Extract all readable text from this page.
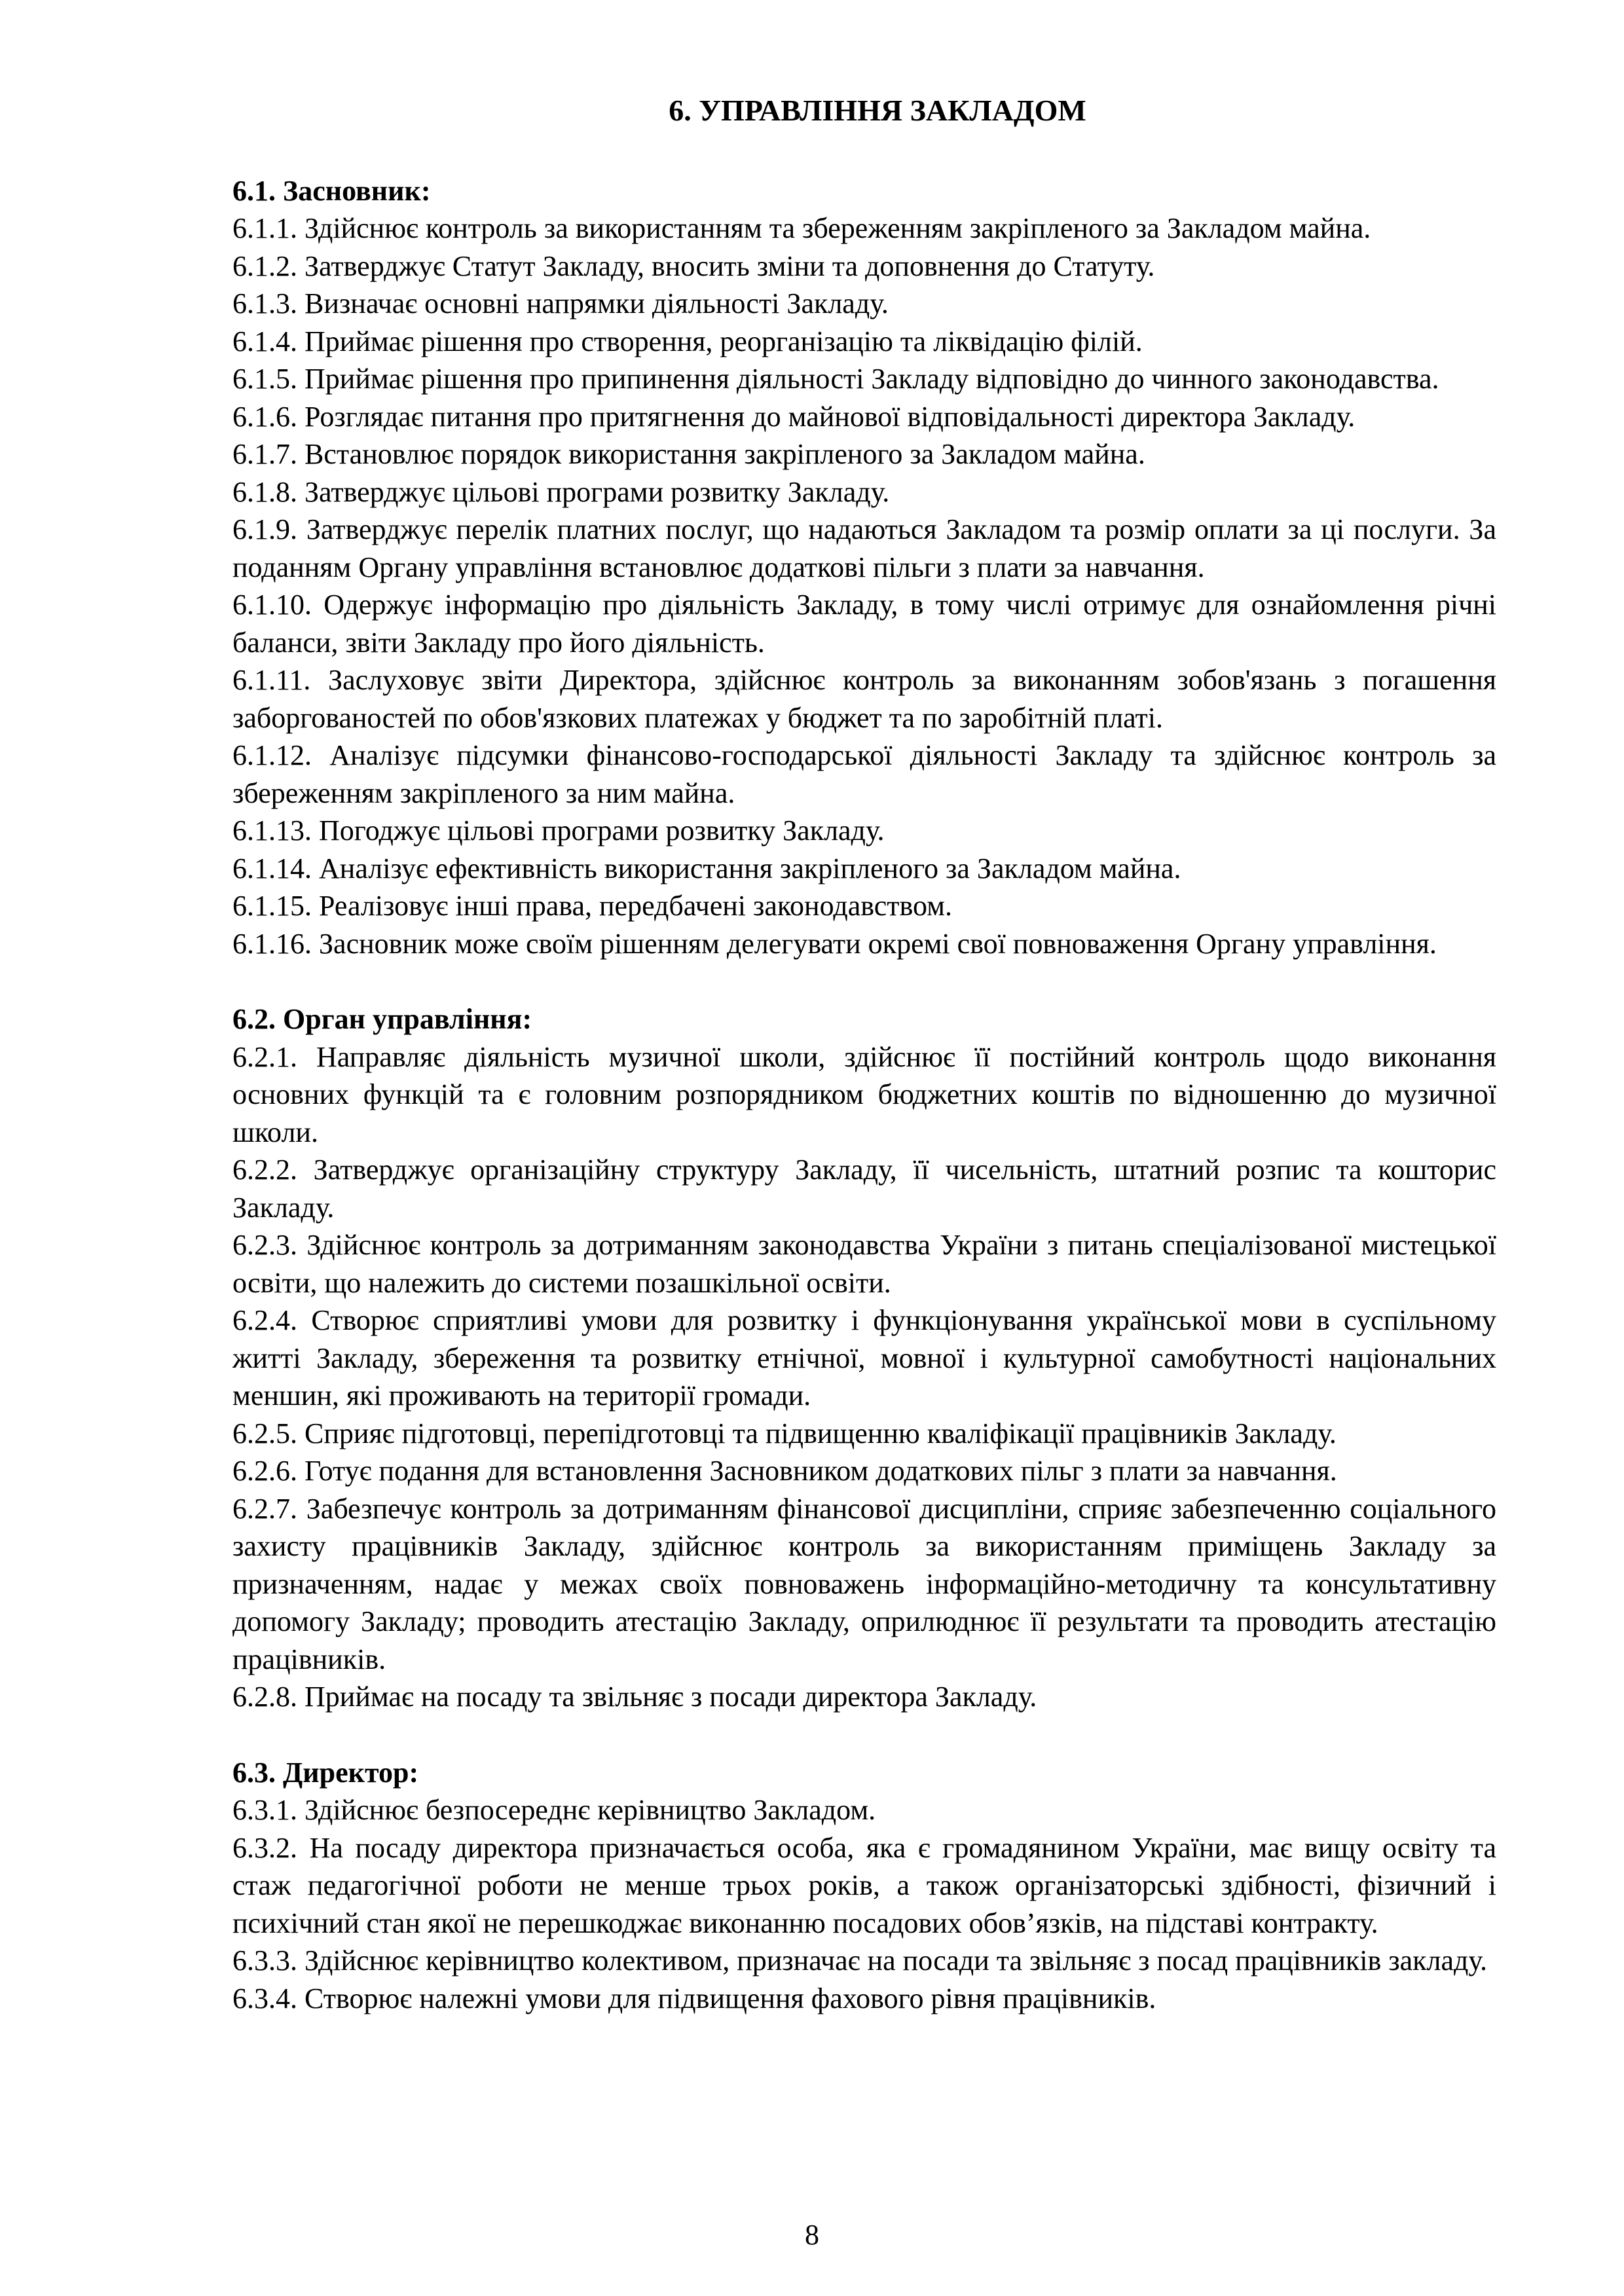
6. УПРАВЛІННЯ ЗАКЛАДОМ
6.1. Засновник:
6.1.1. Здійснює контроль за використанням та збереженням закріпленого за Закладом майна.
6.1.2. Затверджує Статут Закладу, вносить зміни та доповнення до Статуту.
6.1.3. Визначає основні напрямки діяльності Закладу.
6.1.4. Приймає рішення про створення, реорганізацію та ліквідацію філій.
6.1.5. Приймає рішення про припинення діяльності Закладу відповідно до чинного законодавства.
6.1.6. Розглядає питання про притягнення до майнової відповідальності директора Закладу.
6.1.7. Встановлює порядок використання закріпленого за Закладом майна.
6.1.8. Затверджує цільові програми розвитку Закладу.
6.1.9. Затверджує перелік платних послуг, що надаються Закладом та розмір оплати за ці послуги. За поданням Органу управління встановлює додаткові пільги з плати за навчання.
6.1.10. Одержує інформацію про діяльність Закладу, в тому числі отримує для ознайомлення річні баланси, звіти Закладу про його діяльність.
6.1.11. Заслуховує звіти Директора, здійснює контроль за виконанням зобов'язань з погашення заборгованостей по обов'язкових платежах у бюджет та по заробітній платі.
6.1.12. Аналізує підсумки фінансово-господарської діяльності Закладу та здійснює контроль за збереженням закріпленого за ним майна.
6.1.13. Погоджує цільові програми розвитку Закладу.
6.1.14. Аналізує ефективність використання закріпленого за Закладом майна.
6.1.15. Реалізовує інші права, передбачені законодавством.
6.1.16. Засновник може своїм рішенням делегувати окремі свої повноваження Органу управління.
6.2. Орган управління:
6.2.1. Направляє діяльність музичної школи, здійснює її постійний контроль щодо виконання основних функцій та є головним розпорядником бюджетних коштів по відношенню до музичної школи.
6.2.2. Затверджує організаційну структуру Закладу, її чисельність, штатний розпис та кошторис Закладу.
6.2.3. Здійснює контроль за дотриманням законодавства України з питань спеціалізованої мистецької освіти, що належить до системи позашкільної освіти.
6.2.4. Створює сприятливі умови для розвитку і функціонування української мови в суспільному житті Закладу, збереження та розвитку етнічної, мовної і культурної самобутності національних меншин, які проживають на території громади.
6.2.5. Сприяє підготовці, перепідготовці та підвищенню кваліфікації працівників Закладу.
6.2.6. Готує подання для встановлення Засновником додаткових пільг з плати за навчання.
6.2.7. Забезпечує контроль за дотриманням фінансової дисципліни, сприяє забезпеченню соціального захисту працівників Закладу, здійснює контроль за використанням приміщень Закладу за призначенням, надає у межах своїх повноважень інформаційно-методичну та консультативну допомогу Закладу; проводить атестацію Закладу, оприлюднює її результати та проводить атестацію працівників.
6.2.8. Приймає на посаду та звільняє з посади директора Закладу.
6.3. Директор:
6.3.1. Здійснює безпосереднє керівництво Закладом.
6.3.2. На посаду директора призначається особа, яка є громадянином України, має вищу освіту та стаж педагогічної роботи не менше трьох років, а також організаторські здібності, фізичний і психічний стан якої не перешкоджає виконанню посадових обов’язків, на підставі контракту.
6.3.3. Здійснює керівництво колективом, призначає на посади та звільняє з посад працівників закладу.
6.3.4. Створює належні умови для підвищення фахового рівня працівників.
8
